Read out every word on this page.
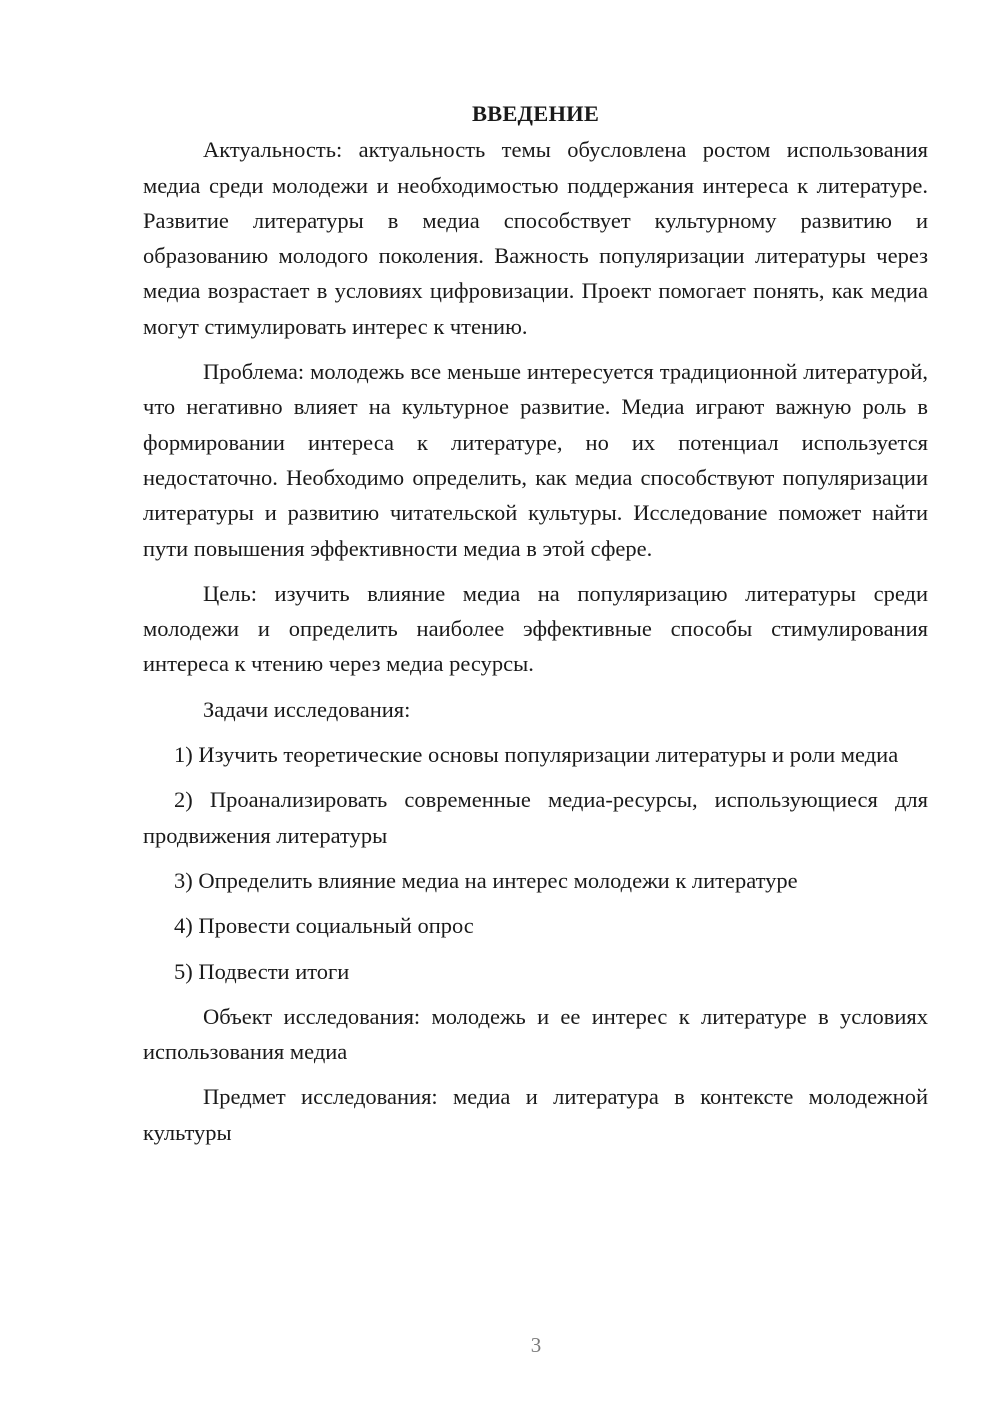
ВВЕДЕНИЕ

Актуальность: актуальность темы обусловлена ростом использования медиа среди молодежи и необходимостью поддержания интереса к литературе. Развитие литературы в медиа способствует культурному развитию и образованию молодого поколения. Важность популяризации литературы через медиа возрастает в условиях цифровизации. Проект помогает понять, как медиа могут стимулировать интерес к чтению.

Проблема: молодежь все меньше интересуется традиционной литературой, что негативно влияет на культурное развитие. Медиа играют важную роль в формировании интереса к литературе, но их потенциал используется недостаточно. Необходимо определить, как медиа способствуют популяризации литературы и развитию читательской культуры. Исследование поможет найти пути повышения эффективности медиа в этой сфере.

Цель: изучить влияние медиа на популяризацию литературы среди молодежи и определить наиболее эффективные способы стимулирования интереса к чтению через медиа ресурсы.

Задачи исследования:

1) Изучить теоретические основы популяризации литературы и роли медиа

2) Проанализировать современные медиа-ресурсы, использующиеся для продвижения литературы

3) Определить влияние медиа на интерес молодежи к литературе

4) Провести социальный опрос

5) Подвести итоги

Объект исследования: молодежь и ее интерес к литературе в условиях использования медиа

Предмет исследования: медиа и литература в контексте молодежной культуры

3
